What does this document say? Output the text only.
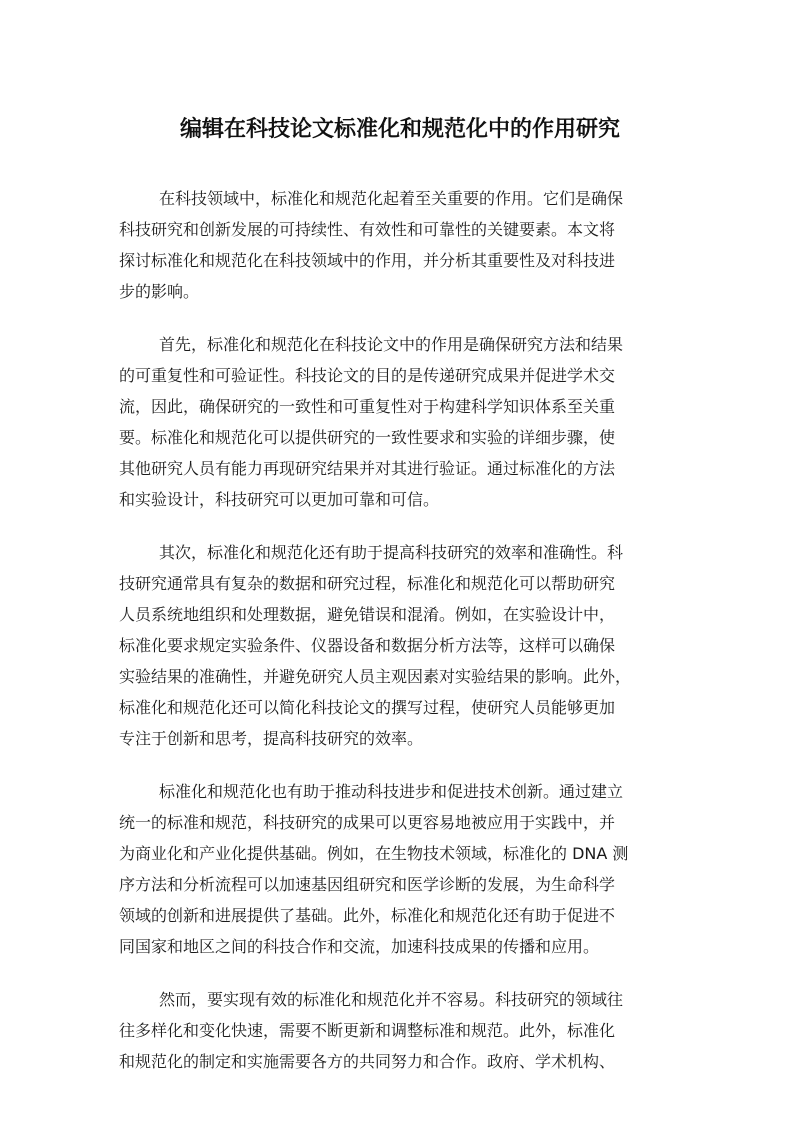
编辑在科技论文标准化和规范化中的作用研究
在科技领域中，标准化和规范化起着至关重要的作用。它们是确保
科技研究和创新发展的可持续性、有效性和可靠性的关键要素。本文将
探讨标准化和规范化在科技领域中的作用，并分析其重要性及对科技进
步的影响。
首先，标准化和规范化在科技论文中的作用是确保研究方法和结果
的可重复性和可验证性。科技论文的目的是传递研究成果并促进学术交
流，因此，确保研究的一致性和可重复性对于构建科学知识体系至关重
要。标准化和规范化可以提供研究的一致性要求和实验的详细步骤，使
其他研究人员有能力再现研究结果并对其进行验证。通过标准化的方法
和实验设计，科技研究可以更加可靠和可信。
其次，标准化和规范化还有助于提高科技研究的效率和准确性。科
技研究通常具有复杂的数据和研究过程，标准化和规范化可以帮助研究
人员系统地组织和处理数据，避免错误和混淆。例如，在实验设计中，
标准化要求规定实验条件、仪器设备和数据分析方法等，这样可以确保
实验结果的准确性，并避免研究人员主观因素对实验结果的影响。此外，
标准化和规范化还可以简化科技论文的撰写过程，使研究人员能够更加
专注于创新和思考，提高科技研究的效率。
标准化和规范化也有助于推动科技进步和促进技术创新。通过建立
统一的标准和规范，科技研究的成果可以更容易地被应用于实践中，并
为商业化和产业化提供基础。例如，在生物技术领域，标准化的 DNA 测
序方法和分析流程可以加速基因组研究和医学诊断的发展，为生命科学
领域的创新和进展提供了基础。此外，标准化和规范化还有助于促进不
同国家和地区之间的科技合作和交流，加速科技成果的传播和应用。
然而，要实现有效的标准化和规范化并不容易。科技研究的领域往
往多样化和变化快速，需要不断更新和调整标准和规范。此外，标准化
和规范化的制定和实施需要各方的共同努力和合作。政府、学术机构、
